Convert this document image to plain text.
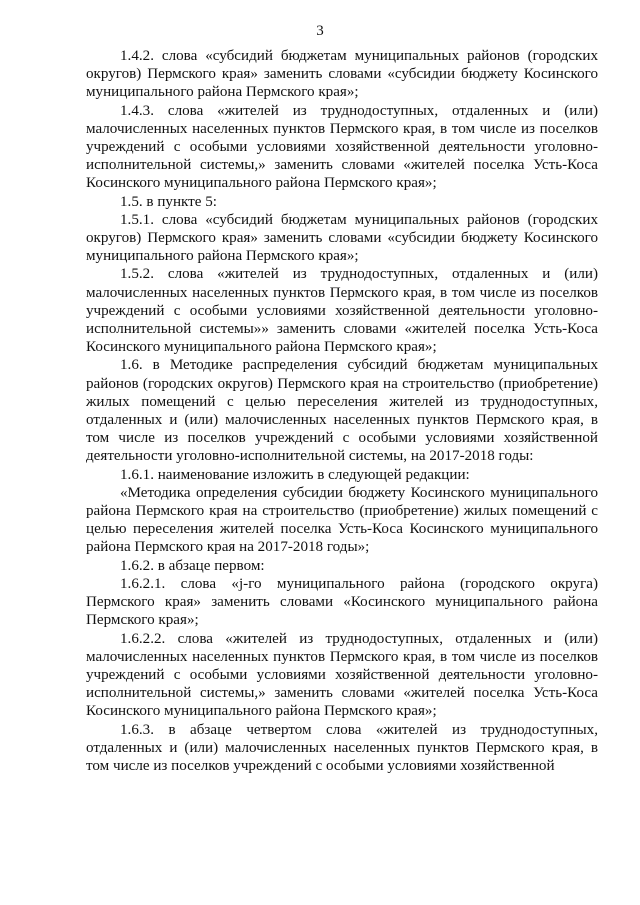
3

1.4.2. слова «субсидий бюджетам муниципальных районов (городских округов) Пермского края» заменить словами «субсидии бюджету Косинского муниципального района Пермского края»;

1.4.3. слова «жителей из труднодоступных, отдаленных и (или) малочисленных населенных пунктов Пермского края, в том числе из поселков учреждений с особыми условиями хозяйственной деятельности уголовно-исполнительной системы,» заменить словами «жителей поселка Усть-Коса Косинского муниципального района Пермского края»;

1.5. в пункте 5:

1.5.1. слова «субсидий бюджетам муниципальных районов (городских округов) Пермского края» заменить словами «субсидии бюджету Косинского муниципального района Пермского края»;

1.5.2. слова «жителей из труднодоступных, отдаленных и (или) малочисленных населенных пунктов Пермского края, в том числе из поселков учреждений с особыми условиями хозяйственной деятельности уголовно-исполнительной системы»» заменить словами «жителей поселка Усть-Коса Косинского муниципального района Пермского края»;

1.6. в Методике распределения субсидий бюджетам муниципальных районов (городских округов) Пермского края на строительство (приобретение) жилых помещений с целью переселения жителей из труднодоступных, отдаленных и (или) малочисленных населенных пунктов Пермского края, в том числе из поселков учреждений с особыми условиями хозяйственной деятельности уголовно-исполнительной системы, на 2017-2018 годы:

1.6.1. наименование изложить в следующей редакции:

«Методика определения субсидии бюджету Косинского муниципального района Пермского края на строительство (приобретение) жилых помещений с целью переселения жителей поселка Усть-Коса Косинского муниципального района Пермского края на 2017-2018 годы»;

1.6.2. в абзаце первом:

1.6.2.1. слова «j-го муниципального района (городского округа) Пермского края» заменить словами «Косинского муниципального района Пермского края»;

1.6.2.2. слова «жителей из труднодоступных, отдаленных и (или) малочисленных населенных пунктов Пермского края, в том числе из поселков учреждений с особыми условиями хозяйственной деятельности уголовно-исполнительной системы,» заменить словами «жителей поселка Усть-Коса Косинского муниципального района Пермского края»;

1.6.3. в абзаце четвертом слова «жителей из труднодоступных, отдаленных и (или) малочисленных населенных пунктов Пермского края, в том числе из поселков учреждений с особыми условиями хозяйственной
